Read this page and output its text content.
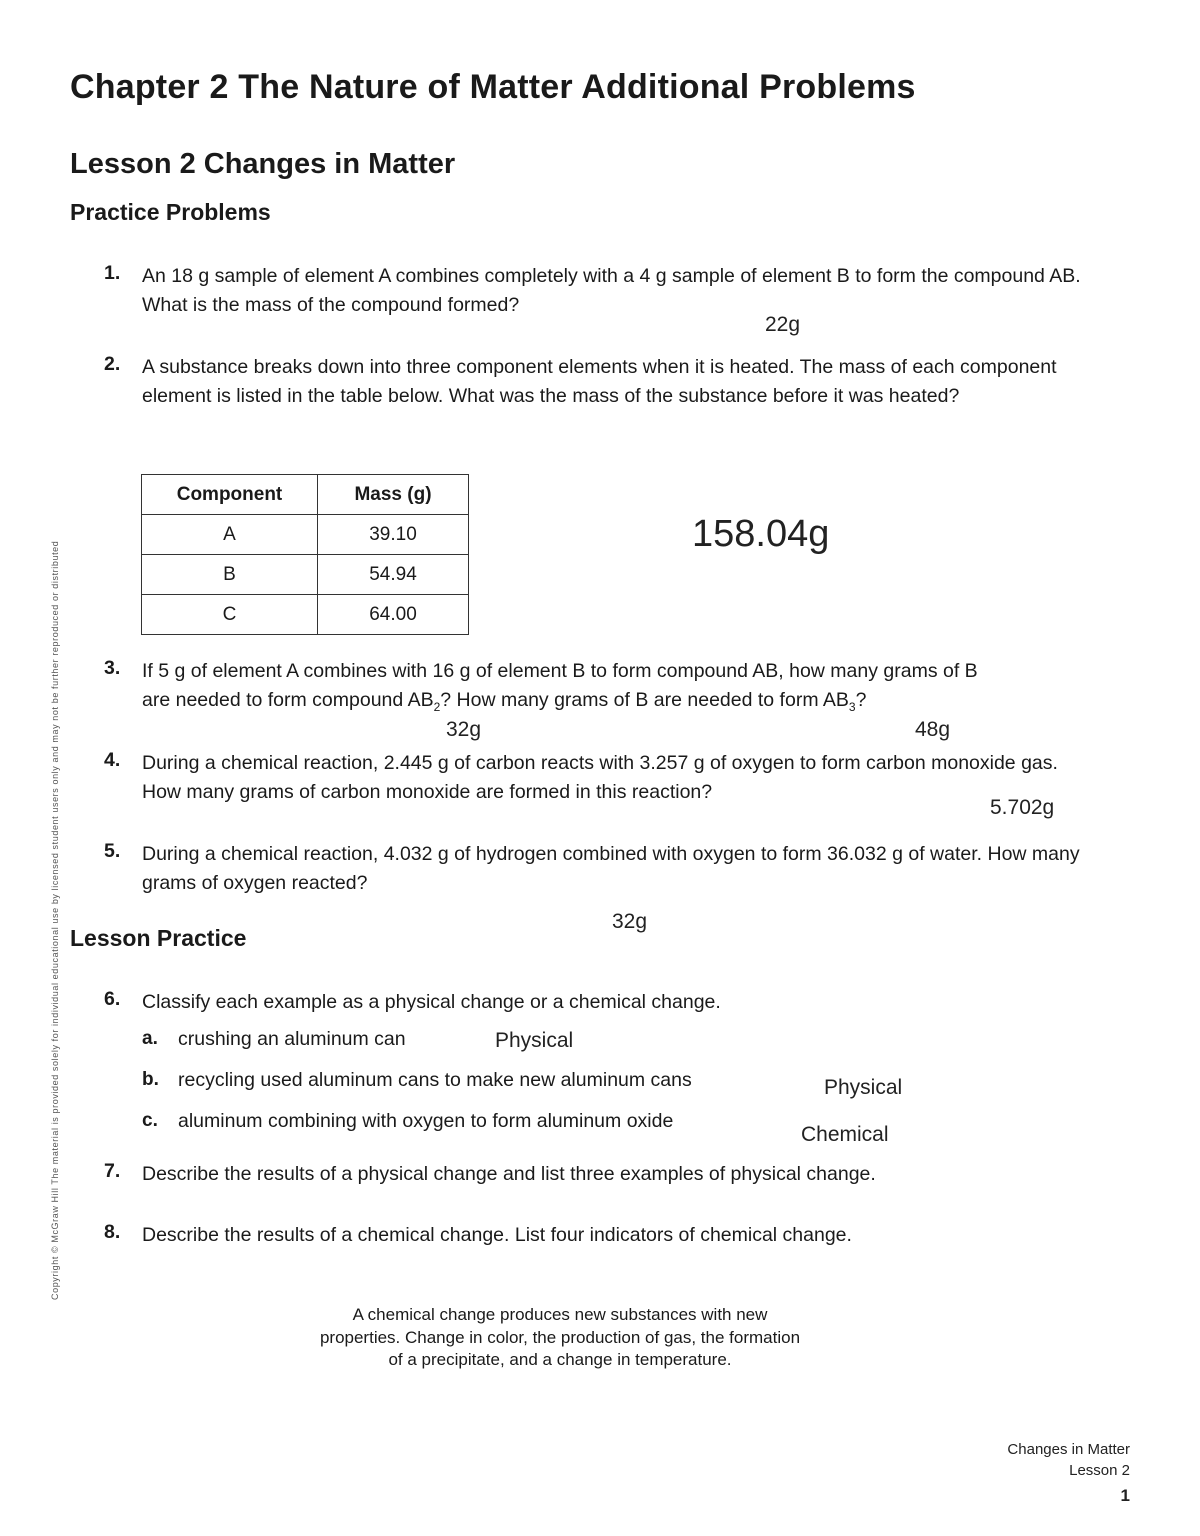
Chapter 2 The Nature of Matter Additional Problems
Lesson 2 Changes in Matter
Practice Problems
1. An 18 g sample of element A combines completely with a 4 g sample of element B to form the compound AB. What is the mass of the compound formed?
22g
2. A substance breaks down into three component elements when it is heated. The mass of each component element is listed in the table below. What was the mass of the substance before it was heated?
Component	Mass (g)
A	39.10
B	54.94
C	64.00
158.04g
3. If 5 g of element A combines with 16 g of element B to form compound AB, how many grams of B
are needed to form compound $AB_2$? How many grams of B are needed to form $AB_3$?
32g	48g
4. During a chemical reaction, 2.445 g of carbon reacts with 3.257 g of oxygen to form carbon monoxide gas. How many grams of carbon monoxide are formed in this reaction?
5.702g
5. During a chemical reaction, 4.032 g of hydrogen combined with oxygen to form 36.032 g of water. How many grams of oxygen reacted?
32g
Lesson Practice
6. Classify each example as a physical change or a chemical change.
a. crushing an aluminum can	Physical
b. recycling used aluminum cans to make new aluminum cans	Physical
c. aluminum combining with oxygen to form aluminum oxide
Chemical
7. Describe the results of a physical change and list three examples of physical change.
8. Describe the results of a chemical change. List four indicators of chemical change.
A chemical change produces new substances with new
properties. Change in color, the production of gas, the formation
of a precipitate, and a change in temperature.
Copyright © McGraw Hill The material is provided solely for individual educational use by licensed student users only and may not be further reproduced or distributed
Changes in Matter
Lesson 2
1
